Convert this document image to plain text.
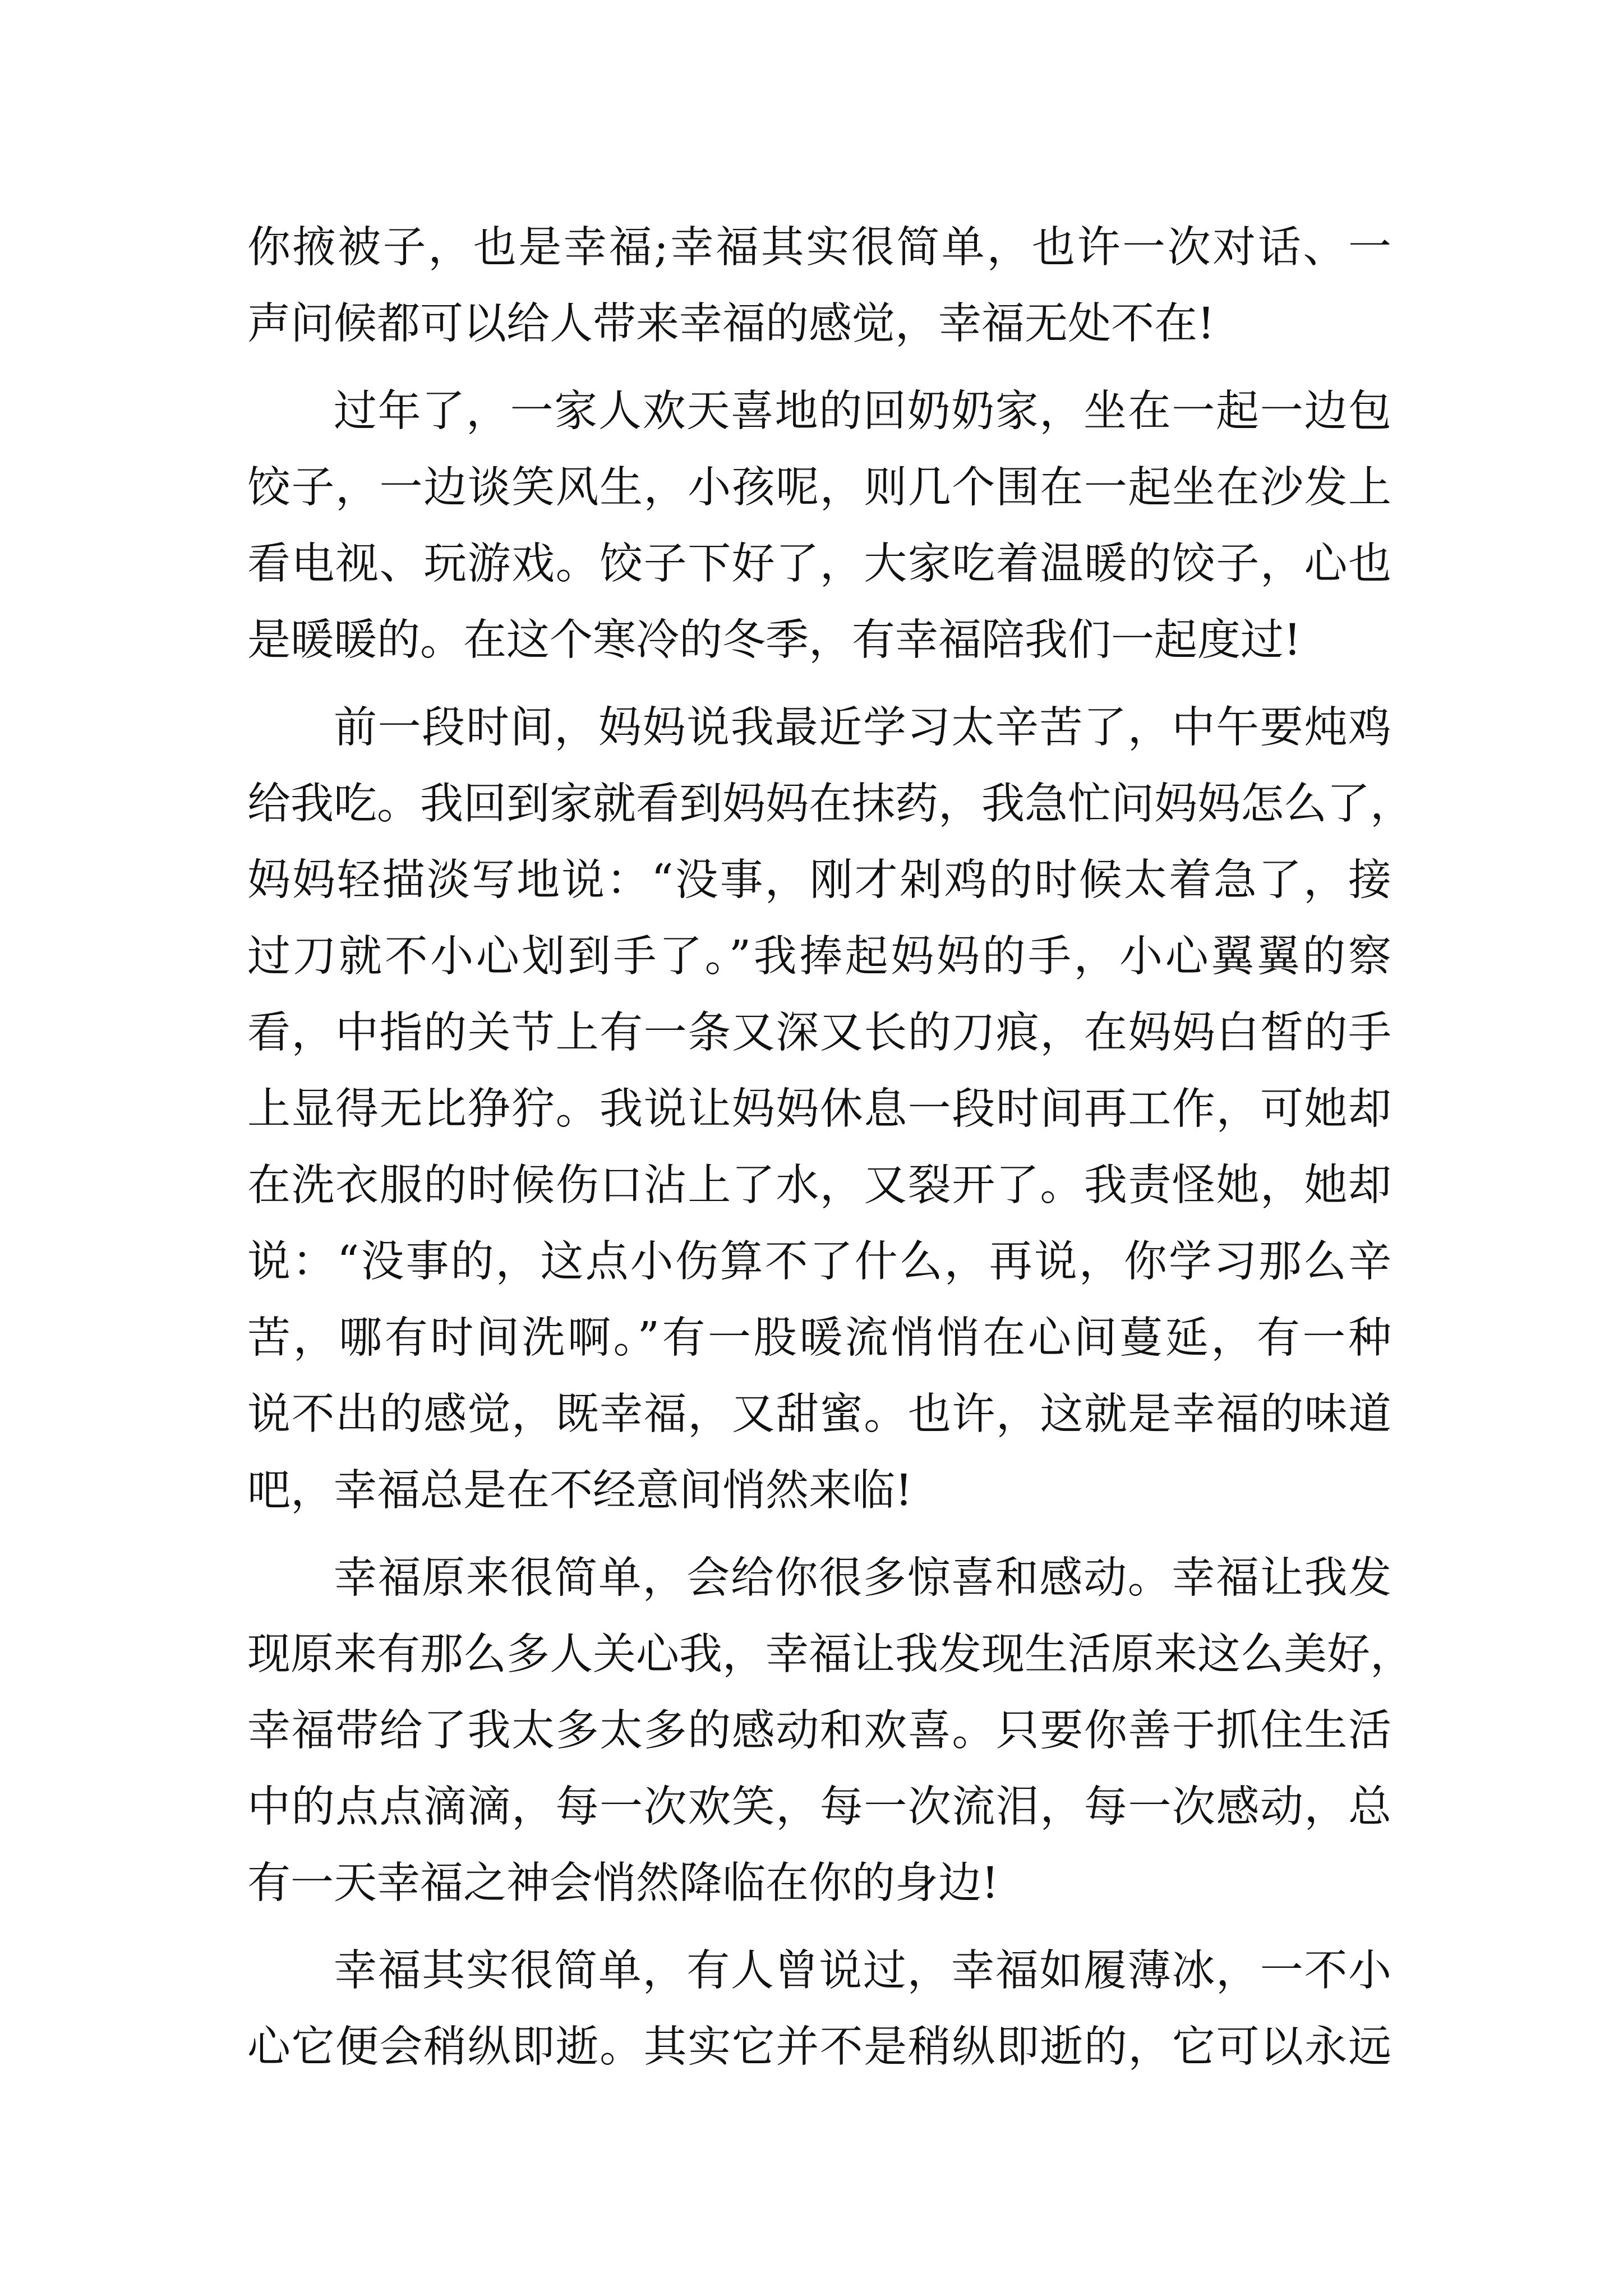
你掖被子，也是幸福;幸福其实很简单，也许一次对话、一
声问候都可以给人带来幸福的感觉，幸福无处不在!
过年了，一家人欢天喜地的回奶奶家，坐在一起一边包
饺子，一边谈笑风生，小孩呢，则几个围在一起坐在沙发上
看电视、玩游戏。饺子下好了，大家吃着温暖的饺子，心也
是暖暖的。在这个寒冷的冬季，有幸福陪我们一起度过!
前一段时间，妈妈说我最近学习太辛苦了，中午要炖鸡
给我吃。我回到家就看到妈妈在抹药，我急忙问妈妈怎么了，
妈妈轻描淡写地说：“没事，刚才剁鸡的时候太着急了，接
过刀就不小心划到手了。”我捧起妈妈的手，小心翼翼的察
看，中指的关节上有一条又深又长的刀痕，在妈妈白皙的手
上显得无比狰狞。我说让妈妈休息一段时间再工作，可她却
在洗衣服的时候伤口沾上了水，又裂开了。我责怪她，她却
说：“没事的，这点小伤算不了什么，再说，你学习那么辛
苦，哪有时间洗啊。”有一股暖流悄悄在心间蔓延，有一种
说不出的感觉，既幸福，又甜蜜。也许，这就是幸福的味道
吧，幸福总是在不经意间悄然来临!
幸福原来很简单，会给你很多惊喜和感动。幸福让我发
现原来有那么多人关心我，幸福让我发现生活原来这么美好，
幸福带给了我太多太多的感动和欢喜。只要你善于抓住生活
中的点点滴滴，每一次欢笑，每一次流泪，每一次感动，总
有一天幸福之神会悄然降临在你的身边!
幸福其实很简单，有人曾说过，幸福如履薄冰，一不小
心它便会稍纵即逝。其实它并不是稍纵即逝的，它可以永远
